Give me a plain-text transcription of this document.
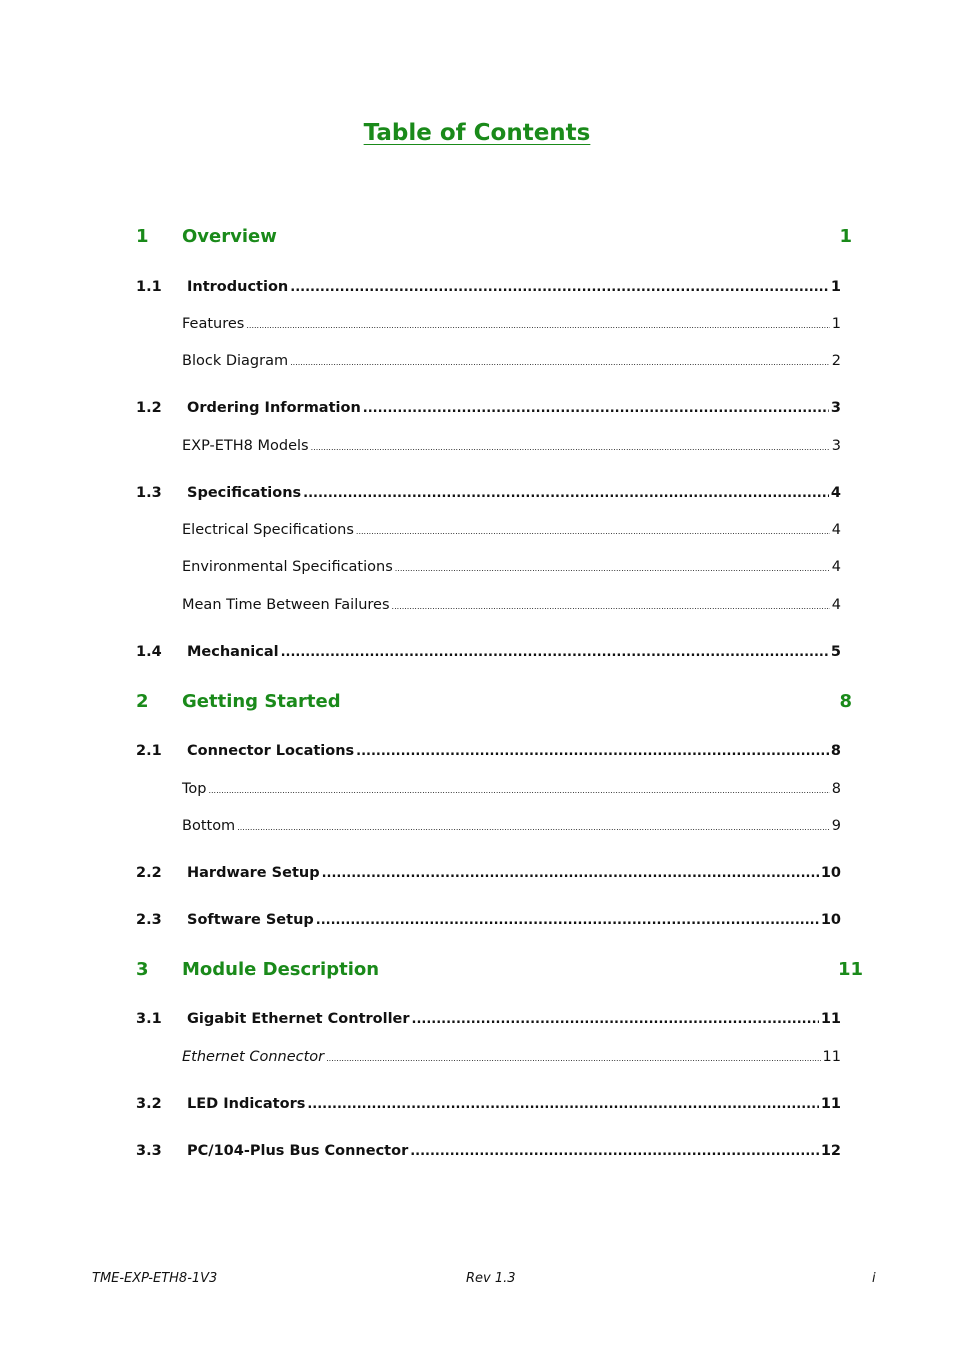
Table of Contents
1 Overview	1
1.1	Introduction .....	1
Features .....	1
Block Diagram .....	2
1.2	Ordering Information .....	3
EXP-ETH8 Models .....	3
1.3	Specifications .....	4
Electrical Specifications .....	4
Environmental Specifications .....	4
Mean Time Between Failures .....	4
1.4	Mechanical .....	5
2 Getting Started	8
2.1	Connector Locations .....	8
Top .....	8
Bottom .....	9
2.2	Hardware Setup .....	10
2.3	Software Setup .....	10
3 Module Description	11
3.1	Gigabit Ethernet Controller .....	11
Ethernet Connector .....	11
3.2	LED Indicators .....	11
3.3	PC/104-Plus Bus Connector .....	12
TME-EXP-ETH8-1V3	Rev 1.3	i
